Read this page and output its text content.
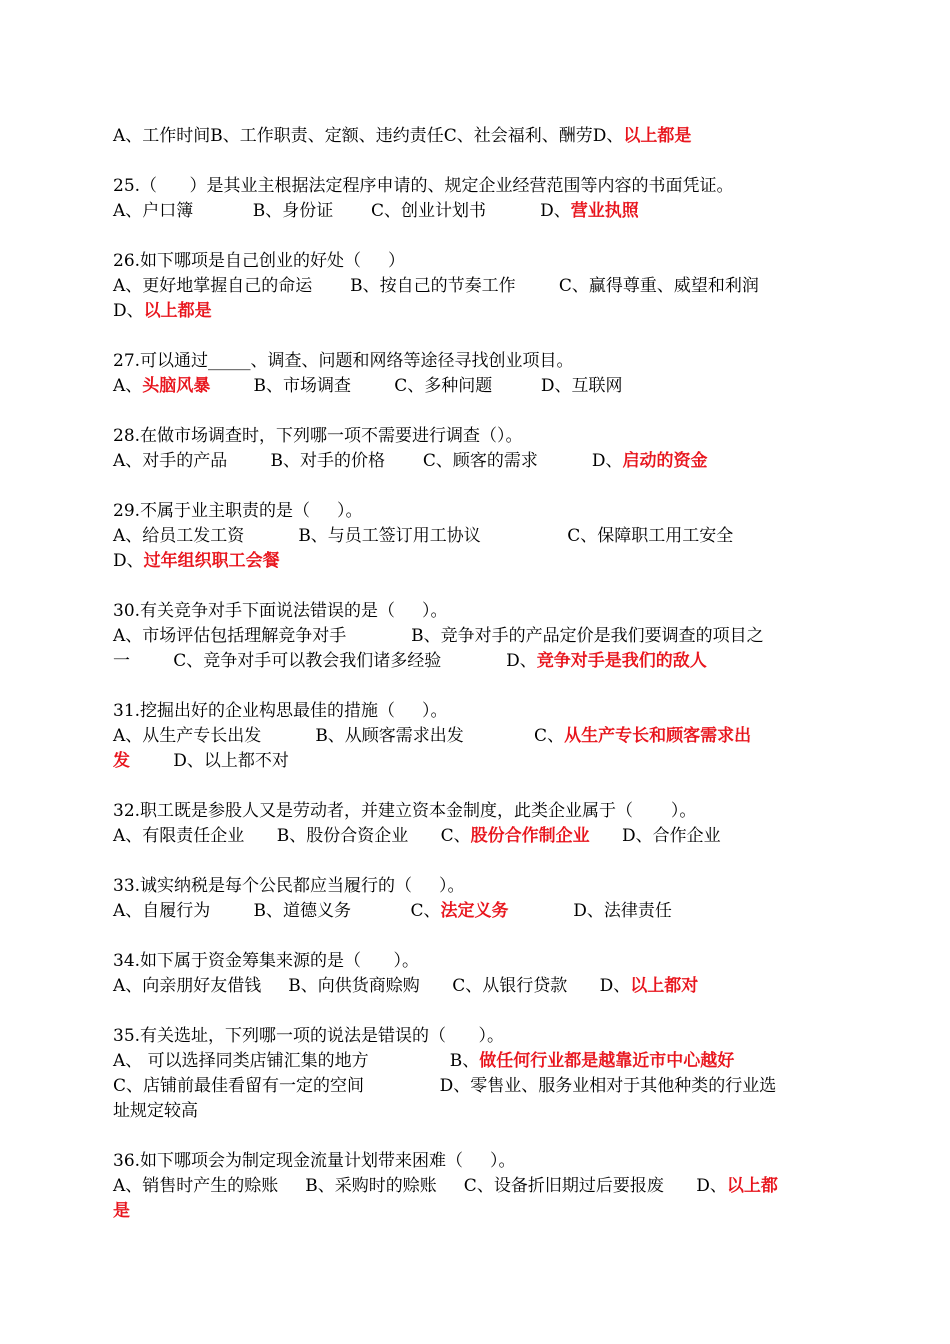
A、工作时间B、工作职责、定额、违约责任C、社会福利、酬劳D、以上都是
25.（      ）是其业主根据法定程序申请的、规定企业经营范围等内容的书面凭证。
A、户口簿           B、身份证       C、创业计划书          D、营业执照
26.如下哪项是自己创业的好处（     ）
A、更好地掌握自己的命运       B、按自己的节奏工作        C、赢得尊重、威望和利润
D、以上都是
27.可以通过_____、调查、问题和网络等途径寻找创业项目。
A、头脑风暴        B、市场调查        C、多种问题         D、互联网
28.在做市场调查时，下列哪一项不需要进行调查（）。
A、对手的产品        B、对手的价格       C、顾客的需求          D、启动的资金
29.不属于业主职责的是（     ）。
A、给员工发工资          B、与员工签订用工协议                C、保障职工用工安全
D、过年组织职工会餐
30.有关竞争对手下面说法错误的是（     ）。
A、市场评估包括理解竞争对手            B、竞争对手的产品定价是我们要调查的项目之
一        C、竞争对手可以教会我们诸多经验            D、竞争对手是我们的敌人
31.挖掘出好的企业构思最佳的措施（     ）。
A、从生产专长出发          B、从顾客需求出发             C、从生产专长和顾客需求出
发        D、以上都不对
32.职工既是参股人又是劳动者，并建立资本金制度，此类企业属于（       ）。
A、有限责任企业      B、股份合资企业      C、股份合作制企业      D、合作企业
33.诚实纳税是每个公民都应当履行的（     ）。
A、自履行为        B、道德义务           C、法定义务            D、法律责任
34.如下属于资金筹集来源的是（      ）。
A、向亲朋好友借钱     B、向供货商赊购      C、从银行贷款      D、以上都对
35.有关选址，下列哪一项的说法是错误的（      ）。
A、 可以选择同类店铺汇集的地方               B、做任何行业都是越靠近市中心越好
C、店铺前最佳看留有一定的空间              D、零售业、服务业相对于其他种类的行业选
址规定较高
36.如下哪项会为制定现金流量计划带来困难（     ）。
A、销售时产生的赊账     B、采购时的赊账     C、设备折旧期过后要报废      D、以上都
是
